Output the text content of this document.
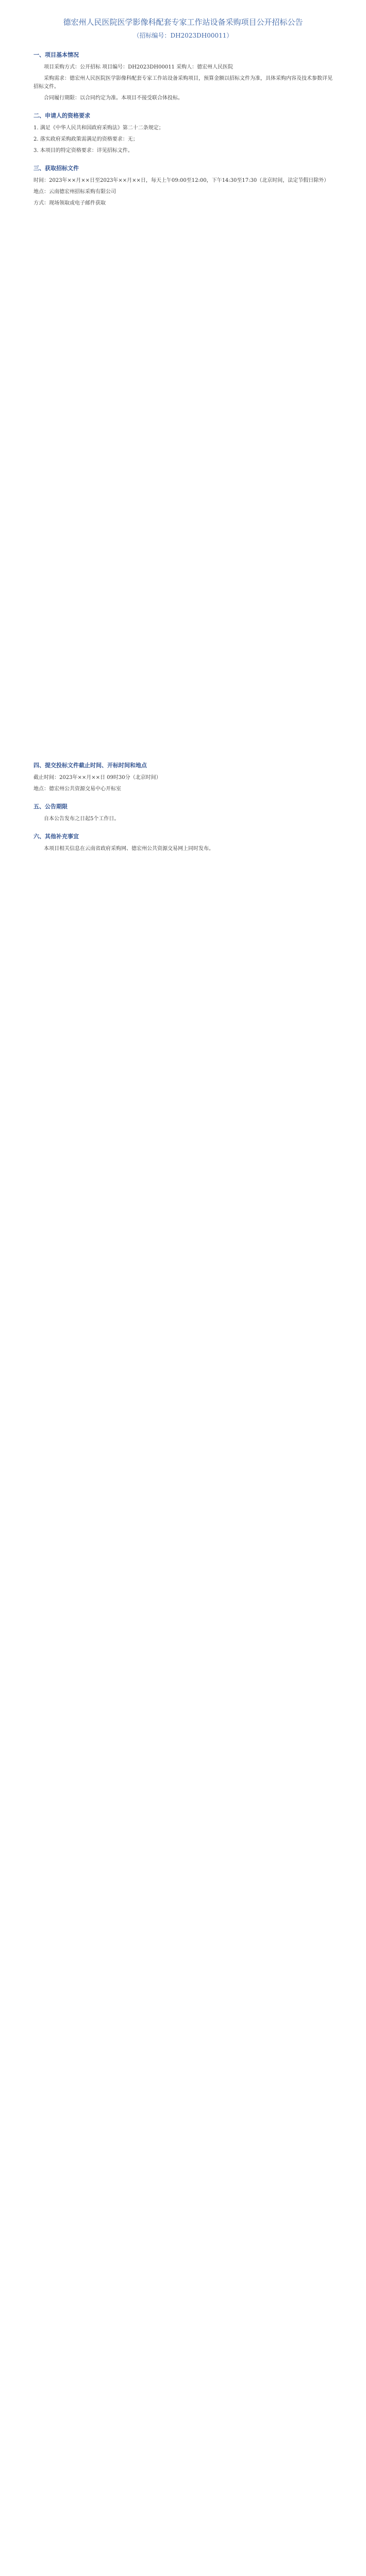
德宏州人民医院医学影像科配套专家工作站设备采购项目公开招标公告
（招标编号：DH2023DH00011）
一、项目基本情况

项目采购方式：公开招标 项目编号：DH2023DH00011 采购人：德宏州人民医院

采购需求：德宏州人民医院医学影像科配套专家工作站设备采购项目，预算金额以招标文件为准，具体采购内容及技术参数详见招标文件。

合同履行期限：以合同约定为准。本项目不接受联合体投标。

二、申请人的资格要求

1. 满足《中华人民共和国政府采购法》第二十二条规定；

2. 落实政府采购政策需满足的资格要求：无；

3. 本项目的特定资格要求：详见招标文件。

三、获取招标文件

时间：2023年××月××日至2023年××月××日，每天上午09:00至12:00，下午14:30至17:30（北京时间，法定节假日除外）

地点：云南德宏州招标采购有限公司

方式：现场领取或电子邮件获取

四、提交投标文件截止时间、开标时间和地点

截止时间：2023年××月××日 09时30分（北京时间）

地点：德宏州公共资源交易中心开标室

五、公告期限

自本公告发布之日起5个工作日。

六、其他补充事宜

本项目相关信息在云南省政府采购网、德宏州公共资源交易网上同时发布。
